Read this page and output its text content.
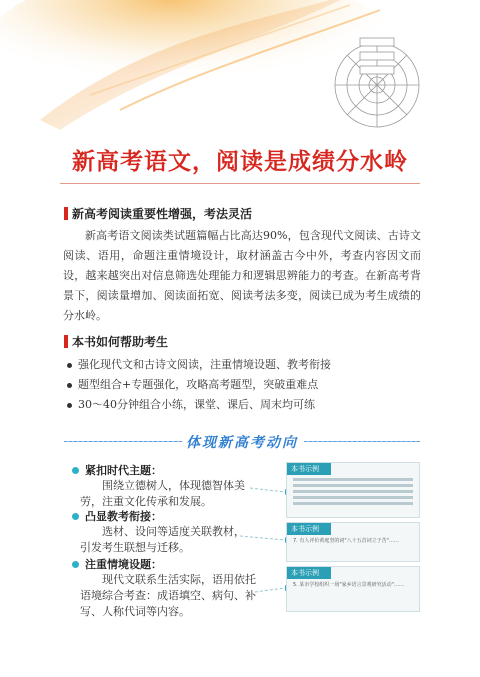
新高考语文，阅读是成绩分水岭
新高考阅读重要性增强，考法灵活

新高考语文阅读类试题篇幅占比高达90%，包含现代文阅读、古诗文阅读、语用，命题注重情境设计，取材涵盖古今中外，考查内容因文而设，越来越突出对信息筛选处理能力和逻辑思辨能力的考查。在新高考背景下，阅读量增加、阅读面拓宽、阅读考法多变，阅读已成为考生成绩的分水岭。

本书如何帮助考生
强化现代文和古诗文阅读，注重情境设题、教考衔接
题型组合+专题强化，攻略高考题型，突破重难点
30～40分钟组合小练，课堂、课后、周末均可练
体现新高考动向
紧扣时代主题：
围绕立德树人，体现德智体美劳，注重文化传承和发展。
凸显教考衔接：
选材、设问等适度关联教材，引发考生联想与迁移。
注重情境设题：
现代文联系生活实际，语用依托语境综合考查：成语填空、病句、补写、人称代词等内容。
本书示例
本书示例
7. 有人评价黄庭坚的词"八十五首词立于苦"……
本书示例
5. 某市学校组织一场"家乡语言景观研究活动"……
